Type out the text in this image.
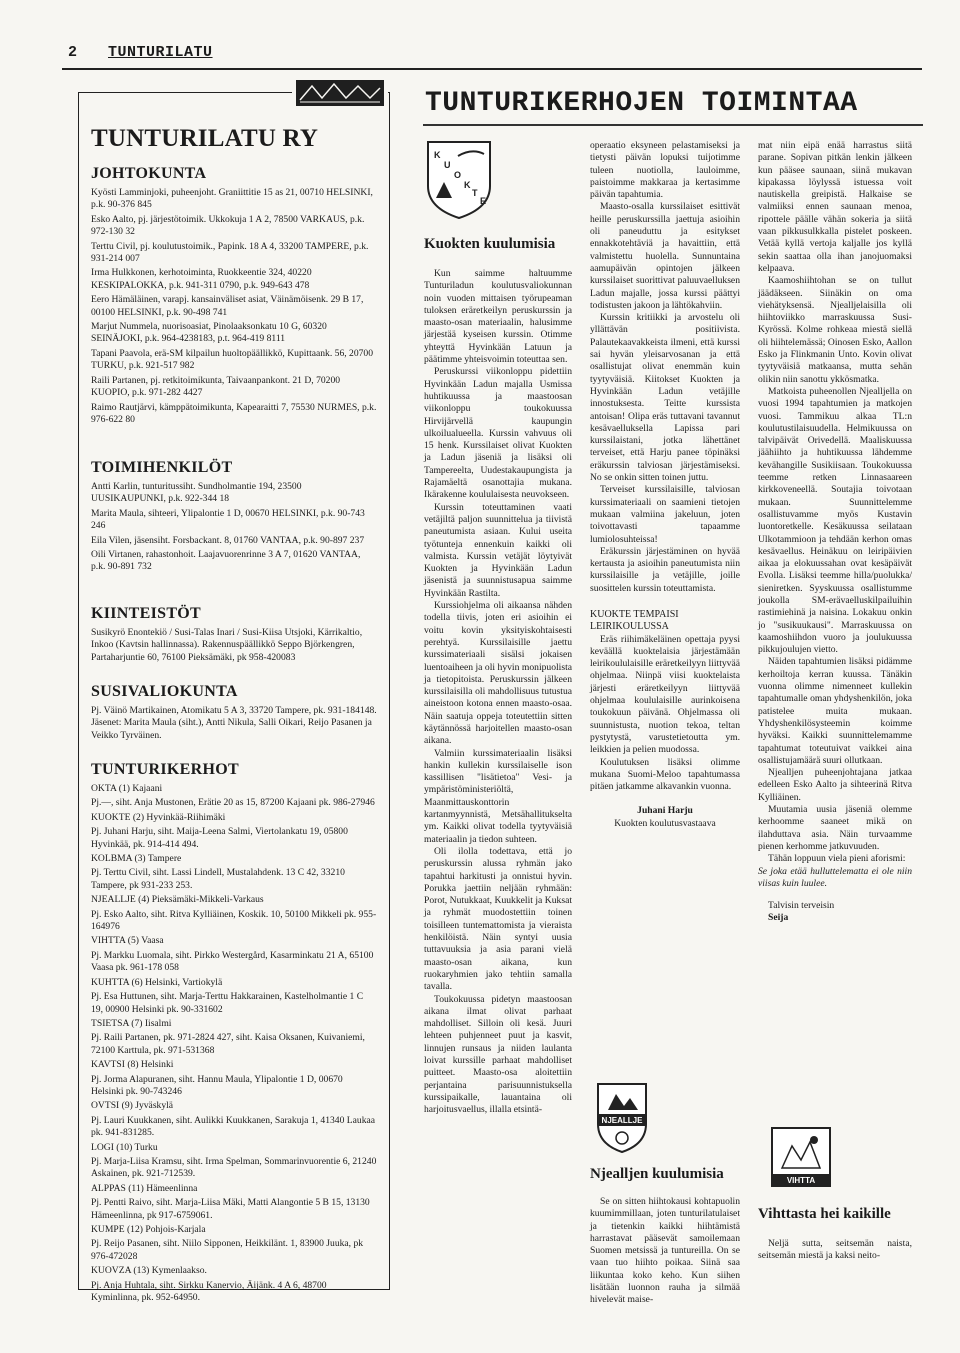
2 TUNTURILATU
TUNTURILATU RY
JOHTOKUNTA

Kyösti Lamminjoki, puheenjoht. Graniittitie 15 as 21, 00710 HELSINKI, p.k. 90-376 845

Esko Aalto, pj. järjestötoimik. Ukkokuja 1 A 2, 78500 VARKAUS, p.k. 972-130 32

Terttu Civil, pj. koulutustoimik., Papink. 18 A 4, 33200 TAMPERE, p.k. 931-214 007

Irma Hulkkonen, kerhotoiminta, Ruokkeentie 324, 40220 KESKIPALOKKA, p.k. 941-311 0790, p.k. 949-643 478

Eero Hämäläinen, varapj. kansainväliset asiat, Väinämöisenk. 29 B 17, 00100 HELSINKI, p.k. 90-498 741

Marjut Nummela, nuorisoasiat, Pinolaaksonkatu 10 G, 60320 SEINÄJOKI, p.k. 964-4238183, p.t. 964-419 8111

Tapani Paavola, erä-SM kilpailun huoltopäällikkö, Kupittaank. 56, 20700 TURKU, p.k. 921-517 982

Raili Partanen, pj. retkitoimikunta, Taivaanpankont. 21 D, 70200 KUOPIO, p.k. 971-282 4427

Raimo Rautjärvi, kämppätoimikunta, Kapearaitti 7, 75530 NURMES, p.k. 976-622 80

TOIMIHENKILÖT

Antti Karlin, tunturitussiht. Sundholmantie 194, 23500 UUSIKAUPUNKI, p.k. 922-344 18

Marita Maula, sihteeri, Ylipalontie 1 D, 00670 HELSINKI, p.k. 90-743 246

Eila Vilen, jäsensiht. Forsbackant. 8, 01760 VANTAA, p.k. 90-897 237

Oili Virtanen, rahastonhoit. Laajavuorenrinne 3 A 7, 01620 VANTAA, p.k. 90-891 732

KIINTEISTÖT

Susikyrö Enontekiö / Susi-Talas Inari / Susi-Kiisa Utsjoki, Kärrikaltio, Inkoo (Kavtsin hallinnassa). Rakennuspäällikkö Seppo Björkengren, Partaharjuntie 60, 76100 Pieksämäki, pk 958-420083

SUSIVALIOKUNTA

Pj. Väinö Martikainen, Atomikatu 5 A 3, 33720 Tampere, pk. 931-184148. Jäsenet: Marita Maula (siht.), Antti Nikula, Salli Oikari, Reijo Pasanen ja Veikko Tyrväinen.

TUNTURIKERHOT

OKTA (1) Kajaani

Pj.—, siht. Anja Mustonen, Erätie 20 as 15, 87200 Kajaani pk. 986-27946

KUOKTE (2) Hyvinkää-Riihimäki

Pj. Juhani Harju, siht. Maija-Leena Salmi, Viertolankatu 19, 05800 Hyvinkää, pk. 914-414 494.

KOLBMA (3) Tampere

Pj. Terttu Civil, siht. Lassi Lindell, Mustalahdenk. 13 C 42, 33210 Tampere, pk 931-233 253.

NJEALLJE (4) Pieksämäki-Mikkeli-Varkaus

Pj. Esko Aalto, siht. Ritva Kylliäinen, Koskik. 10, 50100 Mikkeli pk. 955-164976

VIHTTA (5) Vaasa

Pj. Markku Luomala, siht. Pirkko Westergård, Kasarminkatu 21 A, 65100 Vaasa pk. 961-178 058

KUHTTA (6) Helsinki, Vartiokylä

Pj. Esa Huttunen, siht. Marja-Terttu Hakkarainen, Kastelholmantie 1 C 19, 00900 Helsinki pk. 90-331602

TSIETSA (7) Iisalmi

Pj. Raili Partanen, pk. 971-2824 427, siht. Kaisa Oksanen, Kuivaniemi, 72100 Karttula, pk. 971-531368

KAVTSI (8) Helsinki

Pj. Jorma Alapuranen, siht. Hannu Maula, Ylipalontie 1 D, 00670 Helsinki pk. 90-743246

OVTSI (9) Jyväskylä

Pj. Lauri Kuukkanen, siht. Aulikki Kuukkanen, Sarakuja 1, 41340 Laukaa pk. 941-831285.

LOGI (10) Turku

Pj. Marja-Liisa Kramsu, siht. Irma Spelman, Sommarinvuorentie 6, 21240 Askainen, pk. 921-712539.

ALPPAS (11) Hämeenlinna

Pj. Pentti Raivo, siht. Marja-Liisa Mäki, Matti Alangontie 5 B 15, 13130 Hämeenlinna, pk 917-6759061.

KUMPE (12) Pohjois-Karjala

Pj. Reijo Pasanen, siht. Niilo Sipponen, Heikkilänt. 1, 83900 Juuka, pk 976-472028

KUOVZA (13) Kymenlaakso.

Pj. Anja Huhtala, siht. Sirkku Kanervio, Äijänk. 4 A 6, 48700 Kyminlinna, pk. 952-64950.

TUNTURIKERHOJEN TOIMINTAA
K
U
O
K
T
E
Kuokten kuulumisia

Kun saimme haltuumme Tunturiladun koulutusvaliokunnan noin vuoden mittaisen työrupeaman tuloksen eräretkeilyn peruskurssin ja maasto-osan materiaalin, halusimme järjestää kyseisen kurssin. Otimme yhteyttä Hyvinkään Latuun ja päätimme yhteisvoimin toteuttaa sen.

Peruskurssi viikonloppu pidettiin Hyvinkään Ladun majalla Usmissa huhtikuussa ja maastoosan viikonloppu toukokuussa Hirvijärvellä kaupungin ulkoilualueella. Kurssin vahvuus oli 15 henk. Kurssilaiset olivat Kuokten ja Ladun jäseniä ja lisäksi oli Tampereelta, Uudestakaupungista ja Rajamäeltä osanottajia mukana. Ikärakenne koululaisesta neuvokseen.

Kurssin toteuttaminen vaati vetäjiltä paljon suunnittelua ja tiivistä paneutumista asiaan. Kului useita työtunteja ennenkuin kaikki oli valmista. Kurssin vetäjät löytyivät Kuokten ja Hyvinkään Ladun jäsenistä ja suunnistusapua saimme Hyvinkään Rastilta.

Kurssiohjelma oli aikaansa nähden todella tiivis, joten eri asioihin ei voitu kovin yksityiskohtaisesti perehtyä. Kurssilaisille jaettu kurssimateriaali sisälsi jokaisen luentoaiheen ja oli hyvin monipuolista ja tietopitoista. Peruskurssin jälkeen kurssilaisilla oli mahdollisuus tutustua aineistoon kotona ennen maasto-osaa. Näin saatuja oppeja toteutettiin sitten käytännössä harjoitellen maasto-osan aikana.

Valmiin kurssimateriaalin lisäksi hankin kullekin kurssilaiselle ison kassillisen "lisätietoa" Vesi- ja ympäristöministeriöltä, Maanmittauskonttorin kartanmyynnistä, Metsähallitukselta ym. Kaikki olivat todella tyytyväisiä materiaalin ja tiedon suhteen.

Oli ilolla todettava, että jo peruskurssin alussa ryhmän jako tapahtui harkitusti ja onnistui hyvin. Porukka jaettiin neljään ryhmään: Porot, Nutukkaat, Kuukkelit ja Kuksat ja ryhmät muodostettiin toinen toisilleen tuntemattomista ja vieraista henkilöistä. Näin syntyi uusia tuttavuuksia ja asia parani vielä maasto-osan aikana, kun ruokaryhmien jako tehtiin samalla tavalla.

Toukokuussa pidetyn maastoosan aikana ilmat olivat parhaat mahdolliset. Silloin oli kesä. Juuri lehteen puhjenneet puut ja kasvit, linnujen runsaus ja niiden laulanta loivat kurssille parhaat mahdolliset puitteet. Maasto-osa aloitettiin perjantaina parisuunnistuksella kurssipaikalle, lauantaina oli harjoitusvaellus, illalla etsintä-

operaatio eksyneen pelastamiseksi ja tietysti päivän lopuksi tuijotimme tuleen nuotiolla, lauloimme, paistoimme makkaraa ja kertasimme päivän tapahtumia.

Maasto-osalla kurssilaiset esittivät heille peruskurssilla jaettuja asioihin oli paneuduttu ja esitykset ennakkotehtäviä ja havaittiin, että valmistettu huolella. Sunnuntaina aamupäivän opintojen jälkeen kurssilaiset suorittivat paluuvaelluksen Ladun majalle, jossa kurssi päättyi todistusten jakoon ja lähtökahviin.

Kurssin kritiikki ja arvostelu oli yllättävän positiivista. Palautekaavakkeista ilmeni, että kurssi sai hyvän yleisarvosanan ja että osallistujat olivat enemmän kuin tyytyväisiä. Kiitokset Kuokten ja Hyvinkään Ladun vetäjille innostuksesta. Teitte kurssista antoisan! Olipa eräs tuttavani tavannut kesävaelluksella Lapissa pari kurssilaistani, jotka lähettänet terveiset, että Harju panee töpinäksi eräkurssin talviosan järjestämiseksi. No se onkin sitten toinen juttu.

Terveiset kurssilaisille, talviosan kurssimateriaali on saamieni tietojen mukaan valmiina jakeluun, joten toivottavasti tapaamme lumiolosuhteissa!

Eräkurssin järjestäminen on hyvää kertausta ja asioihin paneutumista niin kurssilaisille ja vetäjille, joille suosittelen kurssin toteuttamista.

KUOKTE TEMPAISI
LEIRIKOULUSSA

Eräs riihimäkeläinen opettaja pyysi keväällä kuoktelaisia järjestämään leirikoululaisille eräretkeilyyn liittyvää ohjelmaa. Niinpä viisi kuoktelaista järjesti eräretkeilyyn liittyvää ohjelmaa koululaisille aurinkoisena toukokuun päivänä. Ohjelmassa oli suunnistusta, nuotion tekoa, teltan pystytystä, varustetietoutta ym. leikkien ja pelien muodossa.

Koulutuksen lisäksi olimme mukana Suomi-Meloo tapahtumassa pitäen jatkamme alkavankin vuonna.

Juhani Harju
Kuokten koulutusvastaava
NJEALLJE
Njealljen kuulumisia

Se on sitten hiihtokausi kohtapuolin kuumimmillaan, joten tunturilatulaiset ja tietenkin kaikki hiihtämistä harrastavat pääsevät samoilemaan Suomen metsissä ja tuntureilla. On se vaan tuo hiihto poikaa. Siinä saa liikuntaa koko keho. Kun siihen lisätään luonnon rauha ja silmää hivelevät maise-

mat niin eipä enää harrastus siitä parane. Sopivan pitkän lenkin jälkeen kun pääsee saunaan, siinä mukavan kipakassa löylyssä istuessa voit nautiskella greipistä. Halkaise se valmiiksi ennen saunaan menoa, ripottele päälle vähän sokeria ja siitä vaan pikkusulkkalla pistelet poskeen. Vetää kyllä vertoja kaljalle jos kyllä sekin saattaa olla ihan janojuomaksi kelpaava.

Kaamoshiihtohan se on tullut jäädäkseen. Siinäkin on oma viehätyksensä. Njealljelaisilla oli hiihtoviikko marraskuussa Susi-Kyrössä. Kolme rohkeaa miestä siellä oli hiihtelemässä; Oinosen Esko, Aallon Esko ja Flinkmanin Unto. Kovin olivat tyytyväisiä matkaansa, mutta sehän olikin niin sanottu ykkösmatka.

Matkoista puheenollen Njealljella on vuosi 1994 tapahtumien ja matkojen vuosi. Tammikuu alkaa TL:n koulutustilaisuudella. Helmikuussa on talvipäivät Orivedellä. Maaliskuussa jäähiihto ja huhtikuussa lähdemme kevähangille Susikiisaan. Toukokuussa teemme retken Linnasaareen kirkkoveneellä. Soutajia toivotaan mukaan. Suunnittelemme osallistuvamme myös Kustavin luontoretkelle. Kesäkuussa seilataan Ulkotammioon ja tehdään kerhon omas kesävaellus. Heinäkuu on leiripäivien aikaa ja elokuussahan ovat kesäpäivät Evolla. Lisäksi teemme hilla/puolukka/ sieniretken. Syyskuussa osallistumme joukolla SM-erävaelluskilpailuihin rastimiehinä ja naisina. Lokakuu onkin jo "susikuukausi". Marraskuussa on kaamoshiihdon vuoro ja joulukuussa pikkujoulujen vietto.

Näiden tapahtumien lisäksi pidämme kerhoiltoja kerran kuussa. Tänäkin vuonna olimme nimenneet kullekin tapahtumalle oman yhdyshenkilön, joka patistelee muita mukaan. Yhdyshenkilösysteemin koimme hyväksi. Kaikki suunnittelemamme tapahtumat toteutuivat vaikkei aina osallistujamäärä suuri ollutkaan.

Njealljen puheenjohtajana jatkaa edelleen Esko Aalto ja sihteerinä Ritva Kylliäinen.

Muutamia uusia jäseniä olemme kerhoomme saaneet mikä on ilahduttava asia. Näin turvaamme pienen kerhomme jatkuvuuden.

Tähän loppuun viela pieni aforismi:

Se joka etää hulluttelematta ei ole niin viisas kuin luulee.

Talvisin terveisin
Seija
VIHTTA
Vihttasta hei kaikille

Neljä sutta, seitsemän naista, seitsemän miestä ja kaksi neito-
